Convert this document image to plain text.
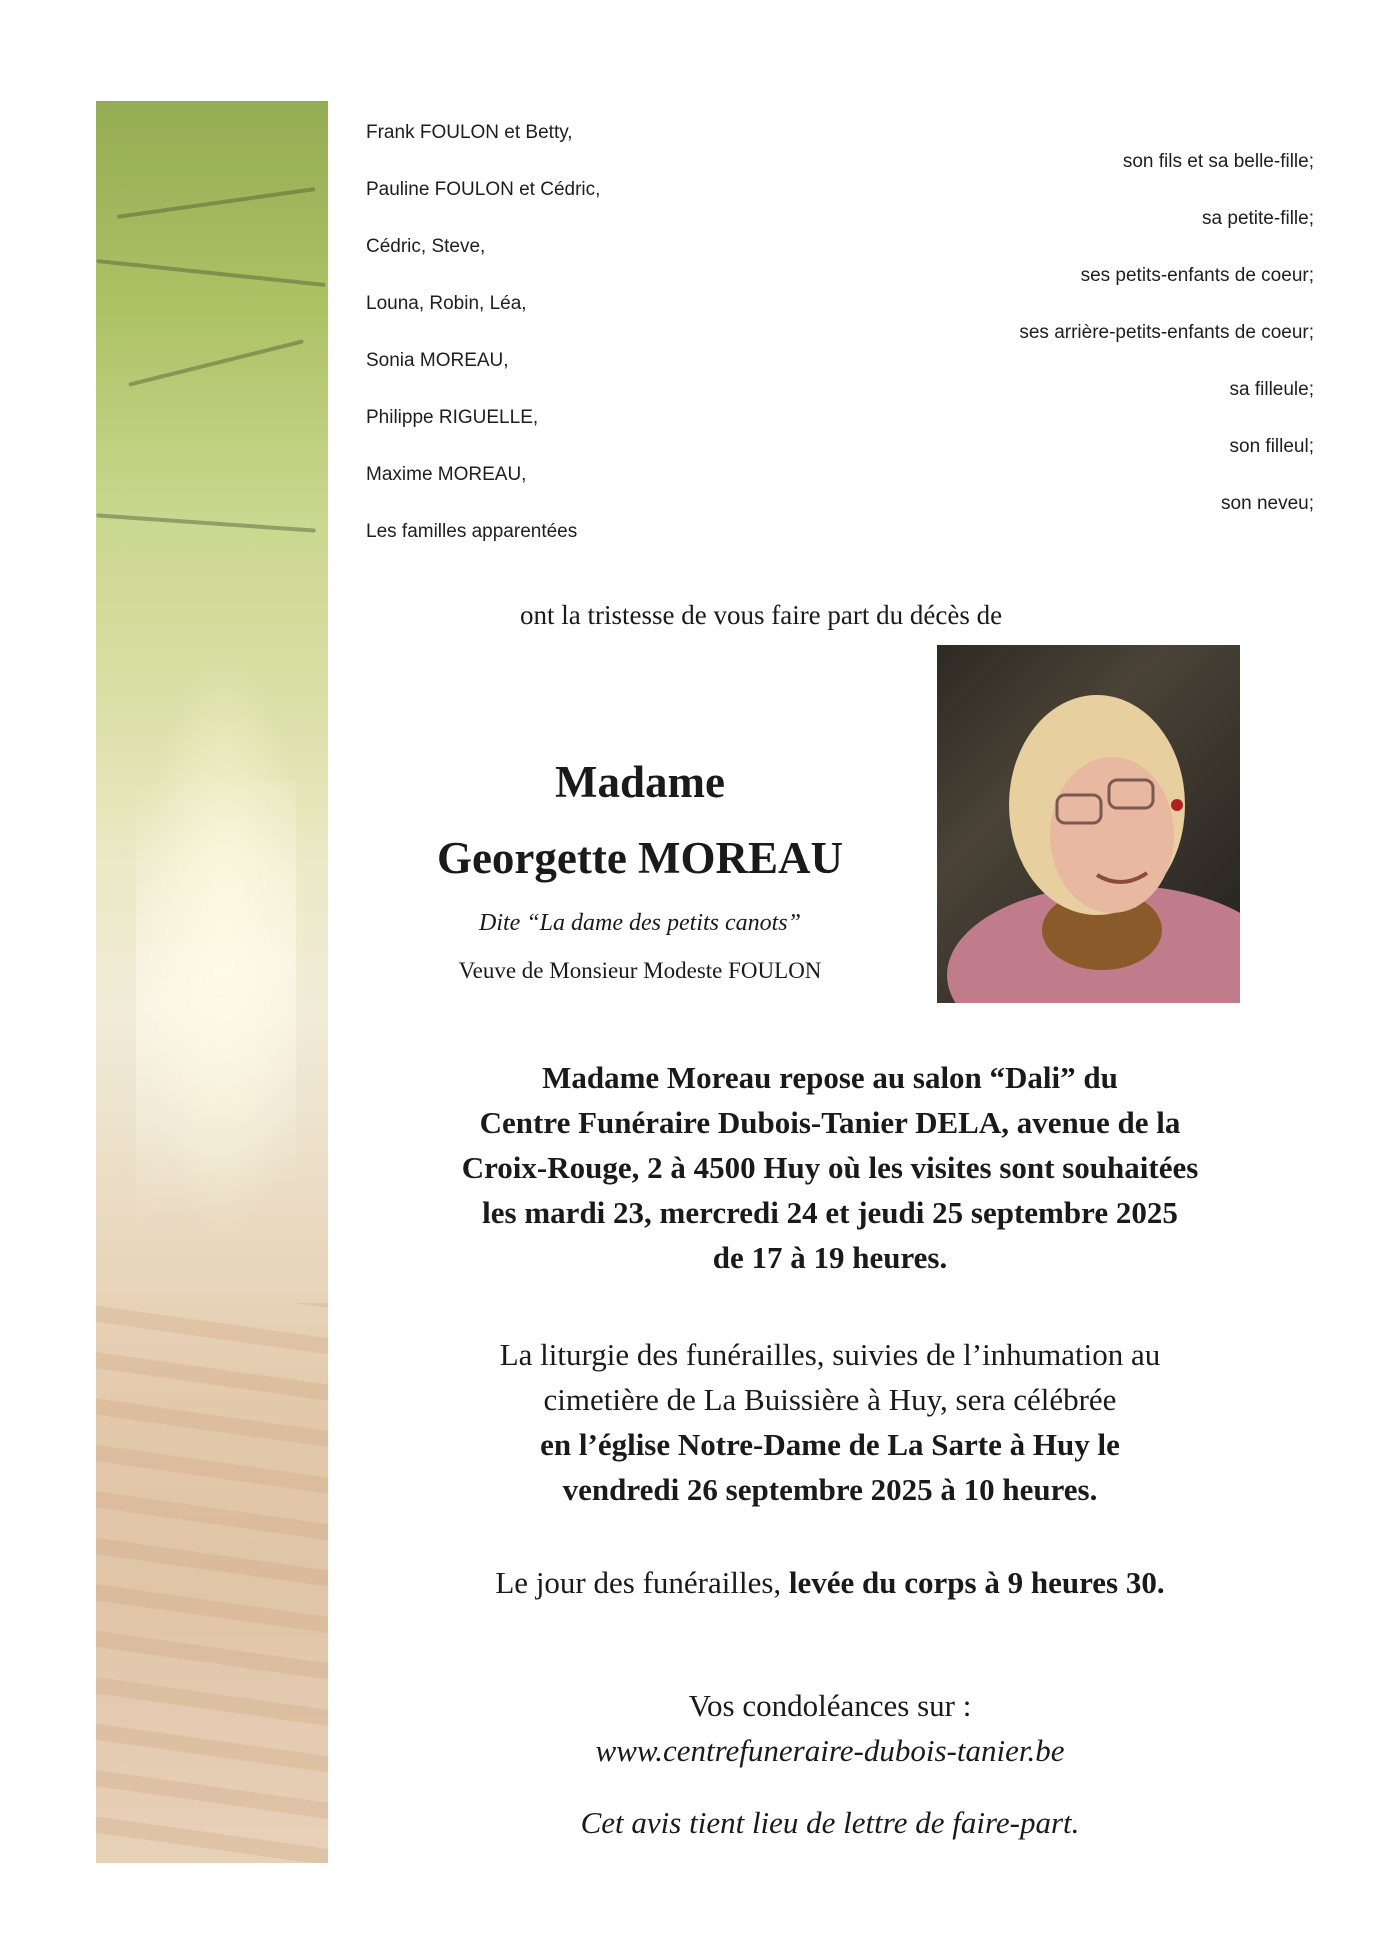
Frank FOULON et Betty,
Pauline FOULON et Cédric,
Cédric, Steve,
Louna, Robin, Léa,
Sonia MOREAU,
Philippe RIGUELLE,
Maxime MOREAU,
Les familles apparentées
son fils et sa belle-fille;
sa petite-fille;
ses petits-enfants de coeur;
ses arrière-petits-enfants de coeur;
sa filleule;
son filleul;
son neveu;
ont la tristesse de vous faire part du décès de
Madame
Georgette MOREAU
Dite “La dame des petits canots”
Veuve de Monsieur Modeste FOULON
Madame Moreau repose au salon “Dali” du
Centre Funéraire Dubois-Tanier DELA, avenue de la
Croix-Rouge, 2 à 4500 Huy où les visites sont souhaitées
les mardi 23, mercredi 24 et jeudi 25 septembre 2025
de 17 à 19 heures.
La liturgie des funérailles, suivies de l’inhumation au
cimetière de La Buissière à Huy, sera célébrée
en l’église Notre-Dame de La Sarte à Huy le
vendredi 26 septembre 2025 à 10 heures.
Le jour des funérailles, levée du corps à 9 heures 30.
Vos condoléances sur :
www.centrefuneraire-dubois-tanier.be
Cet avis tient lieu de lettre de faire-part.
